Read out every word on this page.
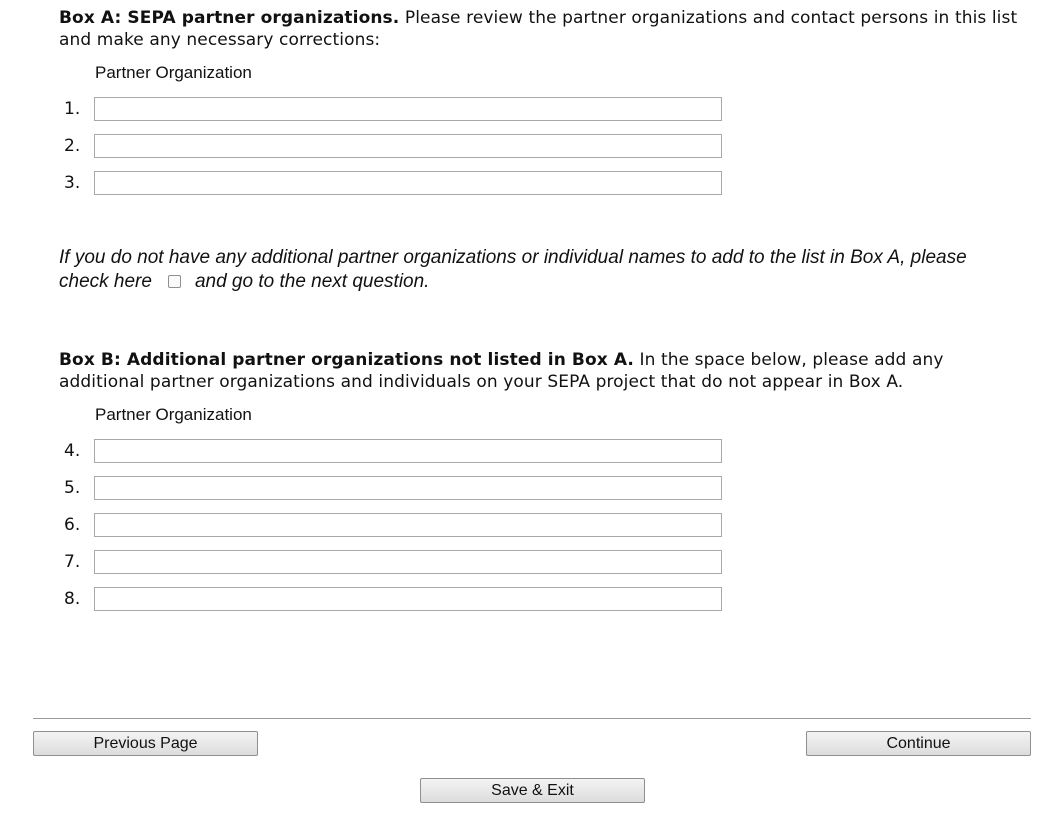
Box A: SEPA partner organizations. Please review the partner organizations and contact persons in this list and make any necessary corrections:
Partner Organization
1.
2.
3.
If you do not have any additional partner organizations or individual names to add to the list in Box A, please check here and go to the next question.
Box B: Additional partner organizations not listed in Box A. In the space below, please add any additional partner organizations and individuals on your SEPA project that do not appear in Box A.
Partner Organization
4.
5.
6.
7.
8.
Previous Page	Continue
Save & Exit
